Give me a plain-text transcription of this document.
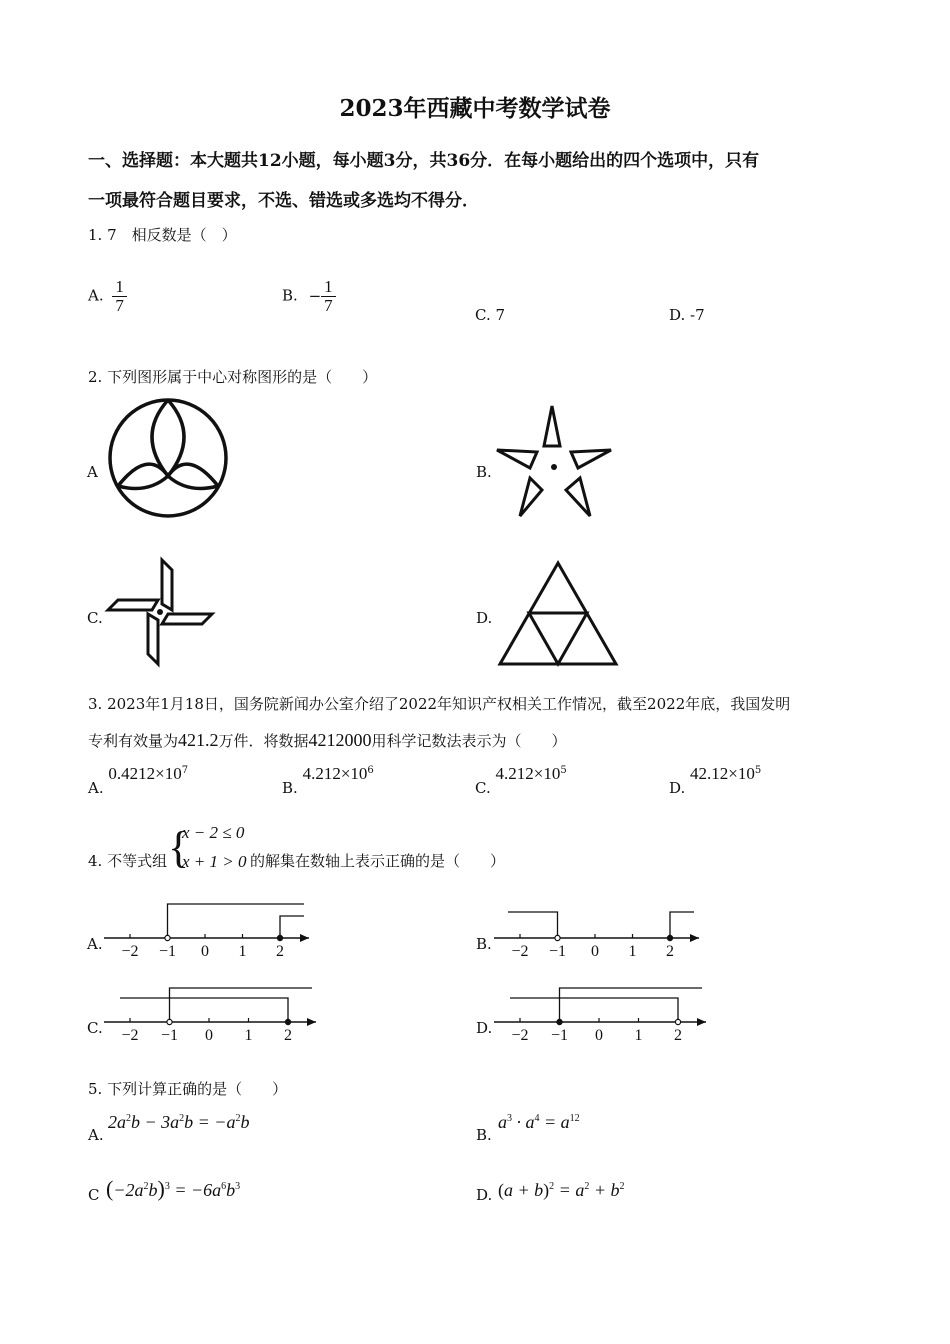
2023年西藏中考数学试卷
一、选择题：本大题共12小题，每小题3分，共36分．在每小题给出的四个选项中，只有
一项最符合题目要求，不选、错选或多选均不得分．
1. 7　相反数是（　）
A. $\frac{1}{7}$	B. − $\frac{1}{7}$	C. 7	D. -7
2. 下列图形属于中心对称图形的是（　　）
A	B.
C.	D.
3. 2023年1月18日，国务院新闻办公室介绍了2022年知识产权相关工作情况，截至2022年底，我国发明
专利有效量为421.2万件．将数据4212000用科学记数法表示为（　　）
A. $0.4212\times 10^7$
B. $4.212\times 10^6$
C. $4.212\times 10^5$
D. $42.12\times 10^5$
4. 不等式组 {
x − 2 ≤ 0
x + 1 > 0 的解集在数轴上表示正确的是（　　）
A.	B.
C.	D.
−2 −1 0 1 2	−2 −1 0 1 2
−2 −1 0 1 2	−2 −1 0 1 2
5. 下列计算正确的是（　　）
A.
$2a^2b - 3a^2b = -a^2b$
B.
$a^3 \cdot a^4 = a^{12}$
C $(-2a^2b)^3 = -6a^6b^3$	D. $(a + b)^2 = a^2 + b^2$
